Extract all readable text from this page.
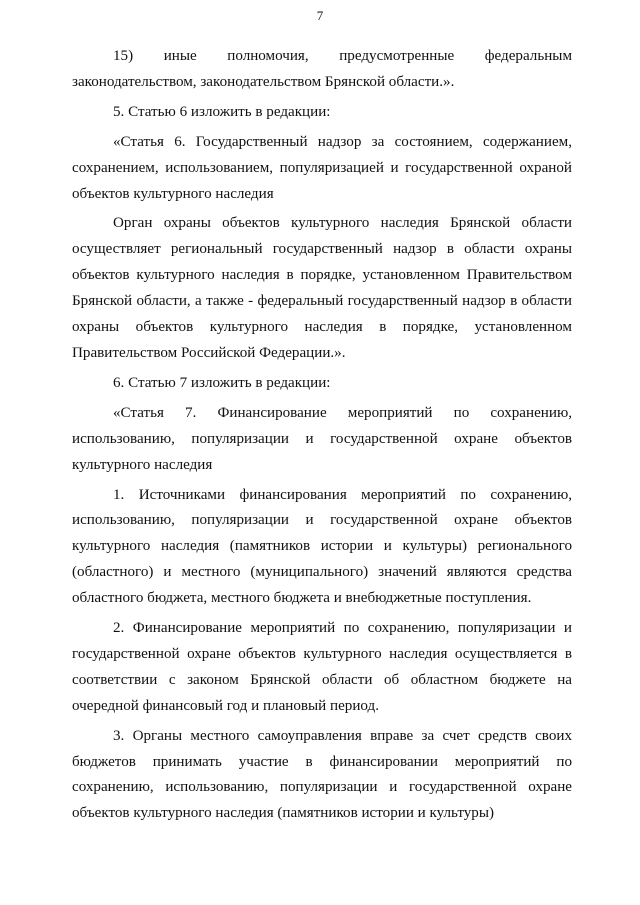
7

15) иные полномочия, предусмотренные федеральным законодательством, законодательством Брянской области.».

5. Статью 6 изложить в редакции:

«Статья 6. Государственный надзор за состоянием, содержанием, сохранением, использованием, популяризацией и государственной охраной объектов культурного наследия

Орган охраны объектов культурного наследия Брянской области осуществляет региональный государственный надзор в области охраны объектов культурного наследия в порядке, установленном Правительством Брянской области, а также - федеральный государственный надзор в области охраны объектов культурного наследия в порядке, установленном Правительством Российской Федерации.».

6. Статью 7 изложить в редакции:

«Статья 7. Финансирование мероприятий по сохранению, использованию, популяризации и государственной охране объектов культурного наследия

1. Источниками финансирования мероприятий по сохранению, использованию, популяризации и государственной охране объектов культурного наследия (памятников истории и культуры) регионального (областного) и местного (муниципального) значений являются средства областного бюджета, местного бюджета и внебюджетные поступления.

2. Финансирование мероприятий по сохранению, популяризации и государственной охране объектов культурного наследия осуществляется в соответствии с законом Брянской области об областном бюджете на очередной финансовый год и плановый период.

3. Органы местного самоуправления вправе за счет средств своих бюджетов принимать участие в финансировании мероприятий по сохранению, использованию, популяризации и государственной охране объектов культурного наследия (памятников истории и культуры)
